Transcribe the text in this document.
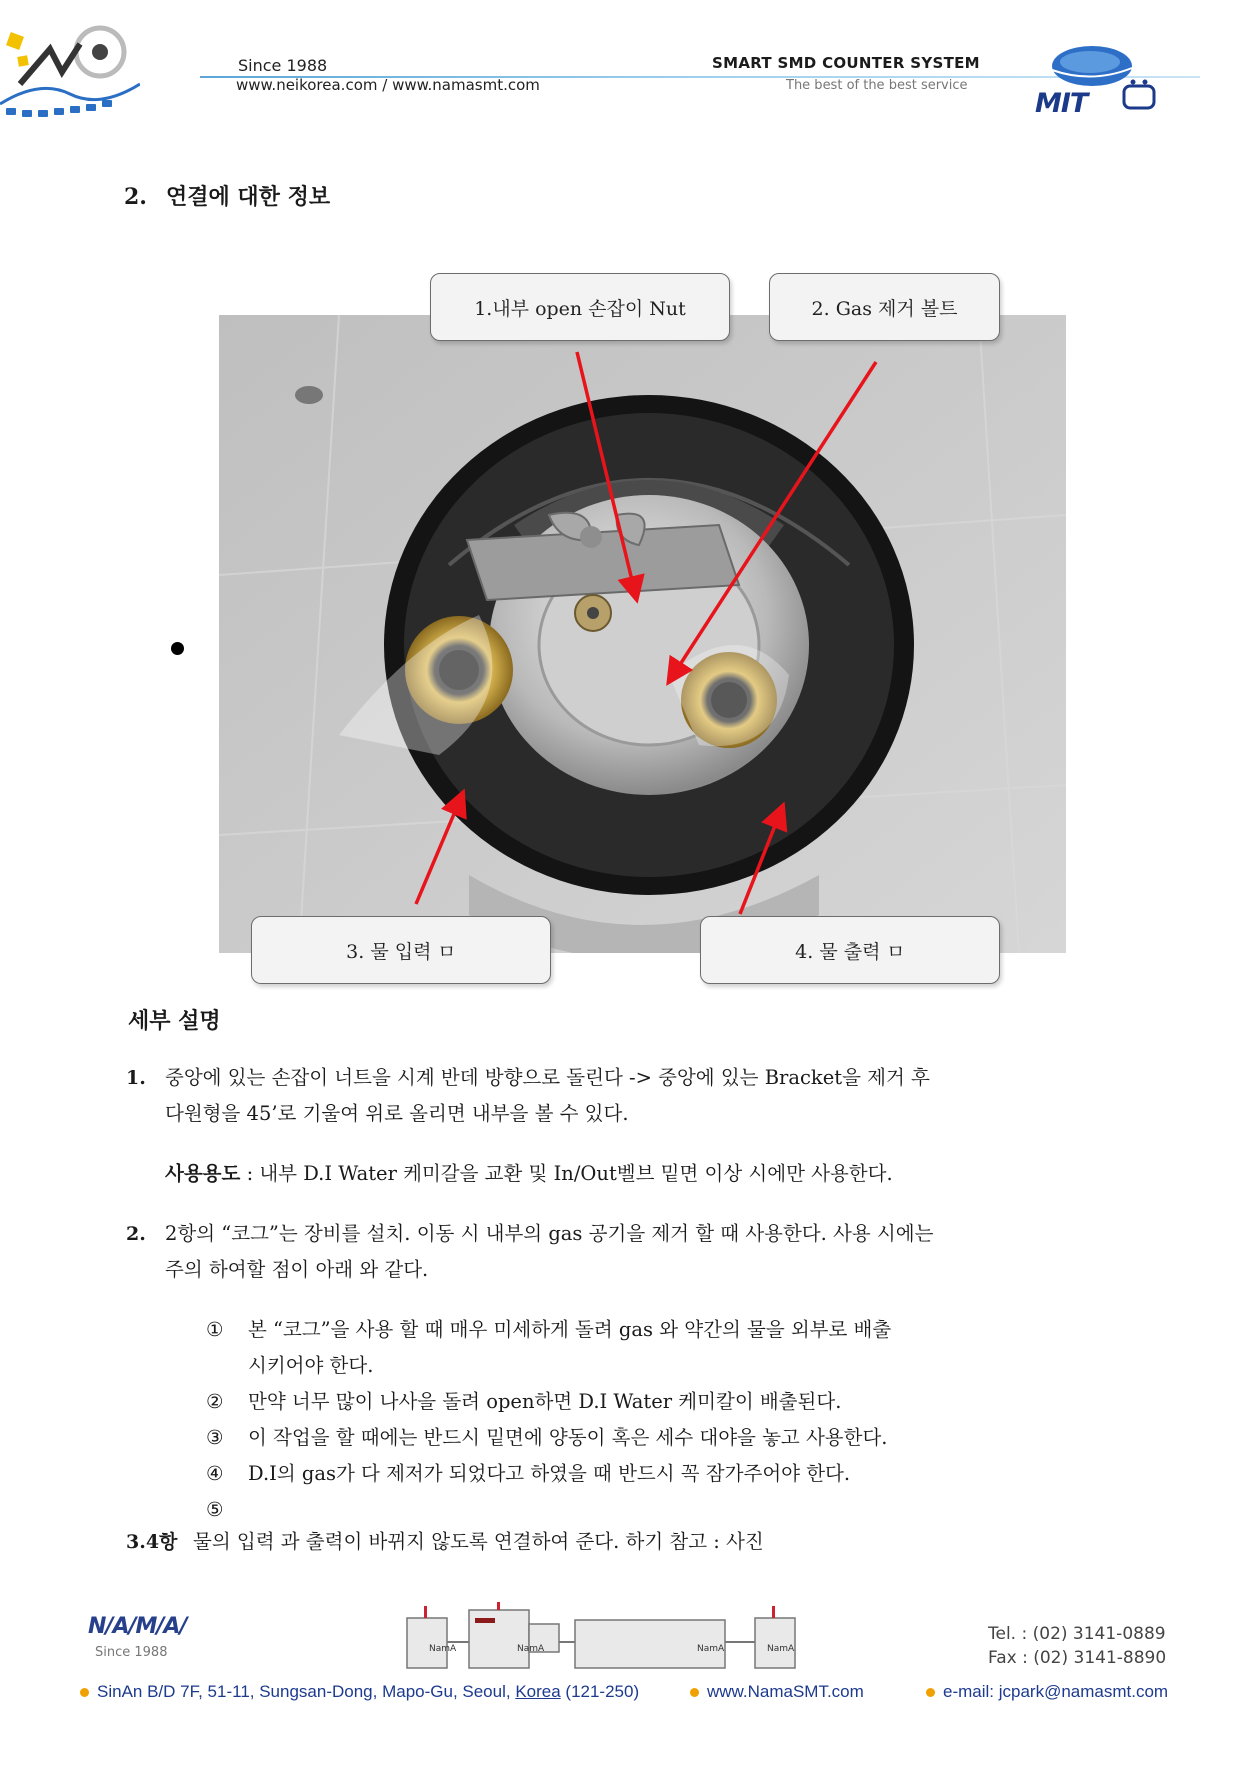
Since 1988
www.neikorea.com / www.namasmt.com
SMART SMD COUNTER SYSTEM
The best of the best service
MIT
2. 연결에 대한 정보
1.내부 open 손잡이 Nut	2. Gas 제거 볼트
3. 물 입력 ㅁ	4. 물 출력 ㅁ
세부 설명
1. 중앙에 있는 손잡이 너트을 시계 반데 방향으로 돌린다 -> 중앙에 있는 Bracket을 제거 후
다원형을 45’로 기울여 위로 올리면 내부을 볼 수 있다.
사용용도 : 내부 D.I Water 케미갈을 교환 및 In/Out벨브 밑면 이상 시에만 사용한다.
2. 2항의 “코그”는 장비를 설치. 이동 시 내부의 gas 공기을 제거 할 때 사용한다. 사용 시에는
주의 하여할 점이 아래 와 같다.
① 본 “코그”을 사용 할 때 매우 미세하게 돌려 gas 와 약간의 물을 외부로 배출
시키어야 한다.
② 만약 너무 많이 나사을 돌려 open하면 D.I Water 케미칼이 배출된다.
③ 이 작업을 할 때에는 반드시 밑면에 양동이 혹은 세수 대야을 놓고 사용한다.
④ D.I의 gas가 다 제저가 되었다고 하였을 때 반드시 꼭 잠가주어야 한다.
⑤
3.4항 물의 입력 과 출력이 바뀌지 않도록 연결하여 준다. 하기 참고 : 사진
N/A/M/A/
Since 1988	NamA	NamA	NamA	NamA
Tel. : (02) 3141-0889
Fax : (02) 3141-8890
SinAn B/D 7F, 51-11, Sungsan-Dong, Mapo-Gu, Seoul, Korea (121-250)	www.NamaSMT.com	e-mail: jcpark@namasmt.com
